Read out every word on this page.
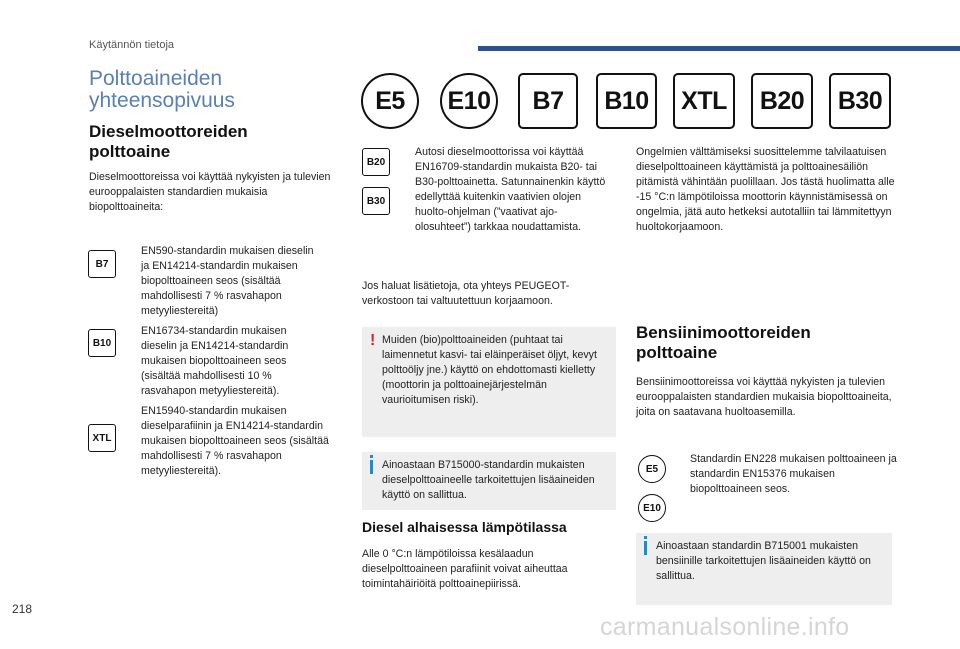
Käytännön tietoja
Polttoaineiden yhteensopivuus	E5	E10	B7	B10	XTL	B20	B30
Dieselmoottoreiden polttoaine
Dieselmoottoreissa voi käyttää nykyisten ja tulevien eurooppalaisten standardien mukaisia biopolttoaineita:
B7
EN590-standardin mukaisen dieselin ja EN14214-standardin mukaisen biopolttoaineen seos (sisältää mahdollisesti 7 % rasvahapon metyyliestereitä)
B10
EN16734-standardin mukaisen dieselin ja EN14214-standardin mukaisen biopolttoaineen seos (sisältää mahdollisesti 10 % rasvahapon metyyliestereitä).
XTL
EN15940-standardin mukaisen dieselparafiinin ja EN14214-standardin mukaisen biopolttoaineen seos (sisältää mahdollisesti 7 % rasvahapon metyyliestereitä).
B20
B30
Autosi dieselmoottorissa voi käyttää EN16709-standardin mukaista B20- tai B30-polttoainetta. Satunnainenkin käyttö edellyttää kuitenkin vaativien olojen huolto-ohjelman (”vaativat ajo-olosuhteet”) tarkkaa noudattamista.
Jos haluat lisätietoja, ota yhteys PEUGEOT-verkostoon tai valtuutettuun korjaamoon.
! Muiden (bio)polttoaineiden (puhtaat tai laimennetut kasvi- tai eläinperäiset öljyt, kevyt polttoöljy jne.) käyttö on ehdottomasti kielletty (moottorin ja polttoainejärjestelmän vaurioitumisen riski).
Ainoastaan B715000-standardin mukaisten dieselpolttoaineelle tarkoitettujen lisäaineiden käyttö on sallittua.
Diesel alhaisessa lämpötilassa
Alle 0 °C:n lämpötiloissa kesälaadun dieselpolttoaineen parafiinit voivat aiheuttaa toimintahäiriöitä polttoainepiirissä.
Ongelmien välttämiseksi suosittelemme talvilaatuisen dieselpolttoaineen käyttämistä ja polttoainesäiliön pitämistä vähintään puolillaan. Jos tästä huolimatta alle -15 °C:n lämpötiloissa moottorin käynnistämisessä on ongelmia, jätä auto hetkeksi autotalliin tai lämmitettyyn huoltokorjaamoon.
Bensiinimoottoreiden polttoaine
Bensiinimoottoreissa voi käyttää nykyisten ja tulevien eurooppalaisten standardien mukaisia biopolttoaineita, joita on saatavana huoltoasemilla.
E5
E10
Standardin EN228 mukaisen polttoaineen ja standardin EN15376 mukaisen biopolttoaineen seos.
Ainoastaan standardin B715001 mukaisten bensiinille tarkoitettujen lisäaineiden käyttö on sallittua.
218
carmanualsonline.info
